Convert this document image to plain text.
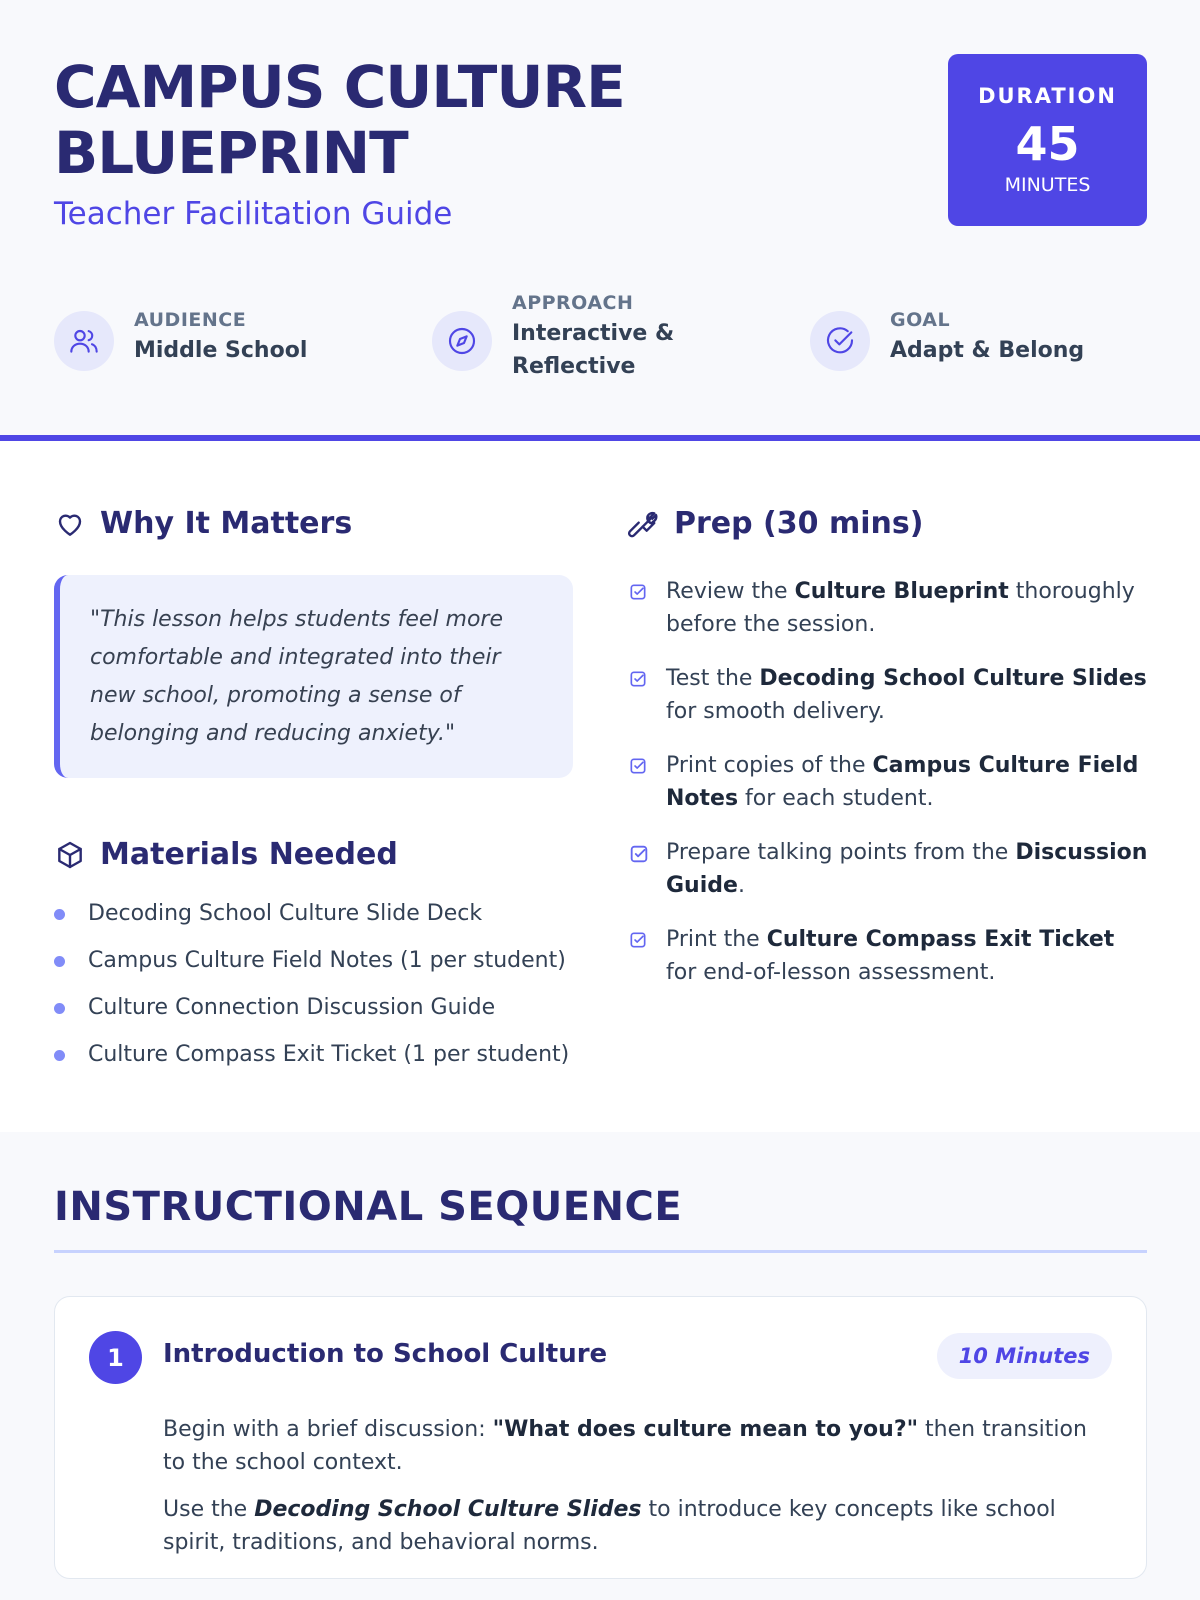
CAMPUS CULTURE
BLUEPRINT
Teacher Facilitation Guide
DURATION
45
MINUTES
AUDIENCE
Middle School
APPROACH
Interactive &
Reflective
GOAL
Adapt & Belong
Why It Matters
"This lesson helps students feel more comfortable and integrated into their new school, promoting a sense of belonging and reducing anxiety."
Materials Needed
Decoding School Culture Slide Deck
Campus Culture Field Notes (1 per student)
Culture Connection Discussion Guide
Culture Compass Exit Ticket (1 per student)
Prep (30 mins)
Review the Culture Blueprint thoroughly before the session.
Test the Decoding School Culture Slides for smooth delivery.
Print copies of the Campus Culture Field Notes for each student.
Prepare talking points from the Discussion Guide.
Print the Culture Compass Exit Ticket for end-of-lesson assessment.
INSTRUCTIONAL SEQUENCE
1	Introduction to School Culture	10 Minutes
Begin with a brief discussion: "What does culture mean to you?" then transition to the school context.
Use the Decoding School Culture Slides to introduce key concepts like school spirit, traditions, and behavioral norms.
